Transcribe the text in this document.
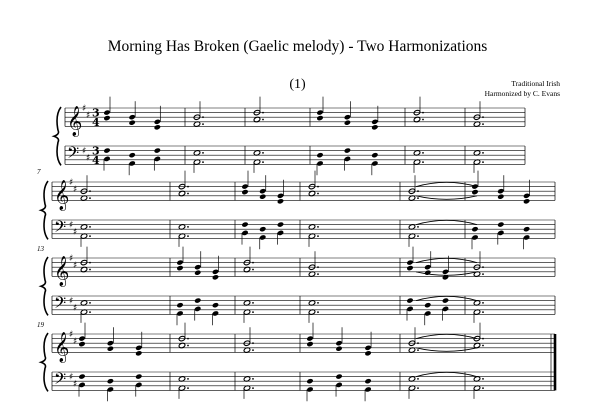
Morning Has Broken (Gaelic melody) - Two Harmonizations
(1)	Traditional Irish
Harmonized by C. Evans
7
13
19
𝄞
𝄢
♯
♯
♯
♯
3
4
3
4
𝄞
𝄢
♯
♯
♯
♯
𝄞
𝄢
♯
♯
♯
♯
𝄞
𝄢
♯
♯
♯
♯
